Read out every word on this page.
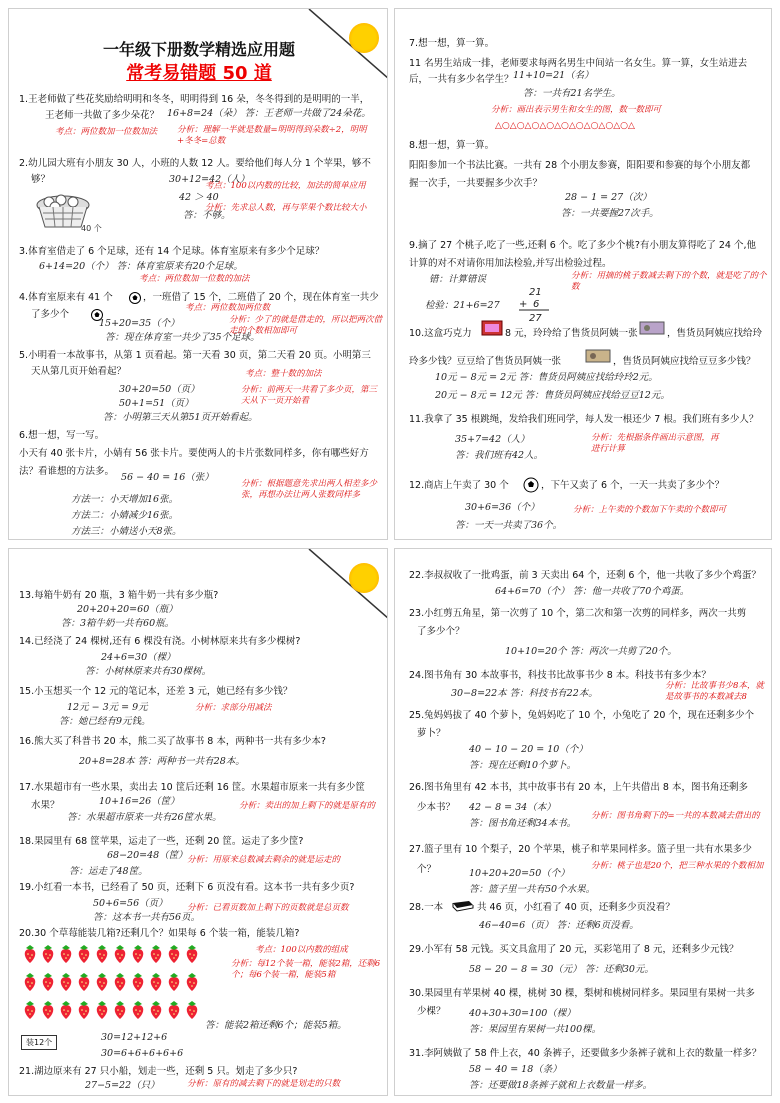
一年级下册数学精选应用题
常考易错题 50 道
1.王老师做了些花奖励给明明和冬冬，明明得到 16 朵，冬冬得到的是明明的一半，
王老师一共做了多少朵花？ 16+8=24（朵） 答：王老师一共做了24朵花。
考点：两位数加一位数加法 分析：理解一半就是数量=明明得到朵数÷2，明明+冬冬=总数
2.幼儿园大班有小朋友 30 人，小班的人数 12 人。要给他们每人分 1 个苹果，够不
够？	30+12=42（人）
42 ＞ 40
答：不够。
40 个
考点：100以内数的比较，加法的简单应用
分析：先求总人数，再与苹果个数比较大小
3.体育室借走了 6 个足球，还有 14 个足球。体育室原来有多少个足球？
6+14=20（个） 答：体育室原来有20个足球。
考点：两位数加一位数的加法
4.体育室原来有 41 个	，一班借了 15 个，二班借了 20 个，现在体育室一共少
了多少个
15+20=35（个）
答：现在体育室一共少了35个足球。
考点：两位数加两位数
分析：少了的就是借走的，所以把两次借走的个数相加即可
5.小明看一本故事书，从第 1 页看起。第一天看 30 页，第二天看 20 页。小明第三
天从第几页开始看起？
30+20=50（页）
50+1=51（页）
答：小明第三天从第51页开始看起。
考点：整十数的加法
分析：前两天一共看了多少页，第三天从下一页开始看
6.想一想，写一写。
小天有 40 张卡片，小婧有 56 张卡片。要使两人的卡片张数同样多，你有哪些好方
法？看谁想的方法多。
56 − 40 = 16（张）
方法一：小天增加16张。
方法二：小婧减少16张。
方法三：小婧送小天8张。
分析：根据题意先求出两人相差多少张，再想办法让两人张数同样多
7.想一想，算一算。
11 名男生站成一排，老师要求每两名男生中间站一名女生。算一算，女生站进去
后，一共有多少名学生？ 11+10=21（名）
答：一共有21名学生。
分析：画出表示男生和女生的图，数一数即可
△○△○△○△○△○△○△○△○△○△
8.想一想，算一算。
阳阳参加一个书法比赛。一共有 28 个小朋友参赛，阳阳要和参赛的每个小朋友都
握一次手，一共要握多少次手？
28 − 1 = 27（次）
答：一共要握27次手。
9.摘了 27 个桃子,吃了一些,还剩 6 个。吃了多少个桃?有小朋友算得吃了 24 个,他
计算的对不对请你用加法检验,并写出检验过程。
错：计算错误
检验：21+6=27
21
+ 6
27
分析：用摘的桃子数减去剩下的个数，就是吃了的个数
10.这盒巧克力	8 元，玲玲给了售货员阿姨一张	，售货员阿姨应找给玲
玲多少钱？豆豆给了售货员阿姨一张	，售货员阿姨应找给豆豆多少钱？
10元 − 8元 = 2元 答：售货员阿姨应找给玲玲2元。
20元 − 8元 = 12元 答：售货员阿姨应找给豆豆12元。
11.我拿了 35 根跳绳，发给我们班同学，每人发一根还少 7 根。我们班有多少人？
35+7=42（人）
答：我们班有42人。
分析：先根据条件画出示意图，再进行计算
12.商店上午卖了 30 个	，下午又卖了 6 个，一天一共卖了多少个？
30+6=36（个）
答：一天一共卖了36个。
分析：上午卖的个数加下午卖的个数即可
13.每箱牛奶有 20 瓶，3 箱牛奶一共有多少瓶?
20+20+20=60（瓶）
答：3箱牛奶一共有60瓶。
14.已经浇了 24 棵树,还有 6 棵没有浇。小树林原来共有多少棵树?
24+6=30（棵）
答：小树林原来共有30棵树。
15.小玉想买一个 12 元的笔记本，还差 3 元，她已经有多少钱？
12元 − 3元 = 9元
答：她已经有9元钱。
分析：求部分用减法
16.熊大买了科普书 20 本，熊二买了故事书 8 本，两种书一共有多少本?
20+8=28本 答：两种书一共有28本。
17.水果超市有一些水果，卖出去 10 筐后还剩 16 筐。水果超市原来一共有多少筐
水果？	10+16=26（筐）
答：水果超市原来一共有26筐水果。
分析：卖出的加上剩下的就是原有的
18.果园里有 68 筐苹果，运走了一些，还剩 20 筐。运走了多少筐?
68−20=48（筐）
答：运走了48筐。
分析：用原来总数减去剩余的就是运走的
19.小红看一本书，已经看了 50 页，还剩下 6 页没有看。这本书一共有多少页?
50+6=56（页）
答：这本书一共有56页。
分析：已看页数加上剩下的页数就是总页数
20.30 个草莓能装几箱?还剩几个？如果每 6 个装一箱，能装几箱?
装12个	30=12+12+6
30=6+6+6+6+6
答：能装2箱还剩6个；能装5箱。
考点：100以内数的组成
分析：每12个装一箱，能装2箱，还剩6个；每6个装一箱，能装5箱
21.湖边原来有 27 只小船，划走一些，还剩 5 只。划走了多少只?
27−5=22（只）	分析：原有的减去剩下的就是划走的只数
22.李叔叔收了一批鸡蛋，前 3 天卖出 64 个，还剩 6 个，他一共收了多少个鸡蛋？
64+6=70（个） 答：他一共收了70个鸡蛋。
23.小红剪五角星，第一次剪了 10 个，第二次和第一次剪的同样多，两次一共剪
了多少个？
10+10=20个 答：两次一共剪了20个。
24.图书角有 30 本故事书，科技书比故事书少 8 本。科技书有多少本？
30−8=22本 答：科技书有22本。
分析：比故事书少8本，就是故事书的本数减去8
25.兔妈妈拔了 40 个萝卜，兔妈妈吃了 10 个，小兔吃了 20 个，现在还剩多少个
萝卜？
40 − 10 − 20 = 10（个）
答：现在还剩10个萝卜。
26.图书角里有 42 本书，其中故事书有 20 本，上午共借出 8 本，图书角还剩多
少本书？ 42 − 8 = 34（本）
答：图书角还剩34本书。
分析：图书角剩下的=一共的本数减去借出的
27.篮子里有 10 个梨子，20 个苹果，桃子和苹果同样多。篮子里一共有水果多少
个？	10+20+20=50（个）
答：篮子里一共有50个水果。
分析：桃子也是20个，把三种水果的个数相加
28.一本	共 46 页，小红看了 40 页，还剩多少页没看？
46−40=6（页） 答：还剩6页没看。
29.小军有 58 元钱。买文具盒用了 20 元，买彩笔用了 8 元，还剩多少元钱？
58 − 20 − 8 = 30（元） 答：还剩30元。
30.果园里有苹果树 40 棵，桃树 30 棵，梨树和桃树同样多。果园里有果树一共多
少棵？ 40+30+30=100（棵）
答：果园里有果树一共100棵。
31.李阿姨做了 58 件上衣，40 条裤子，还要做多少条裤子就和上衣的数量一样多？
58 − 40 = 18（条）
答：还要做18条裤子就和上衣数量一样多。
